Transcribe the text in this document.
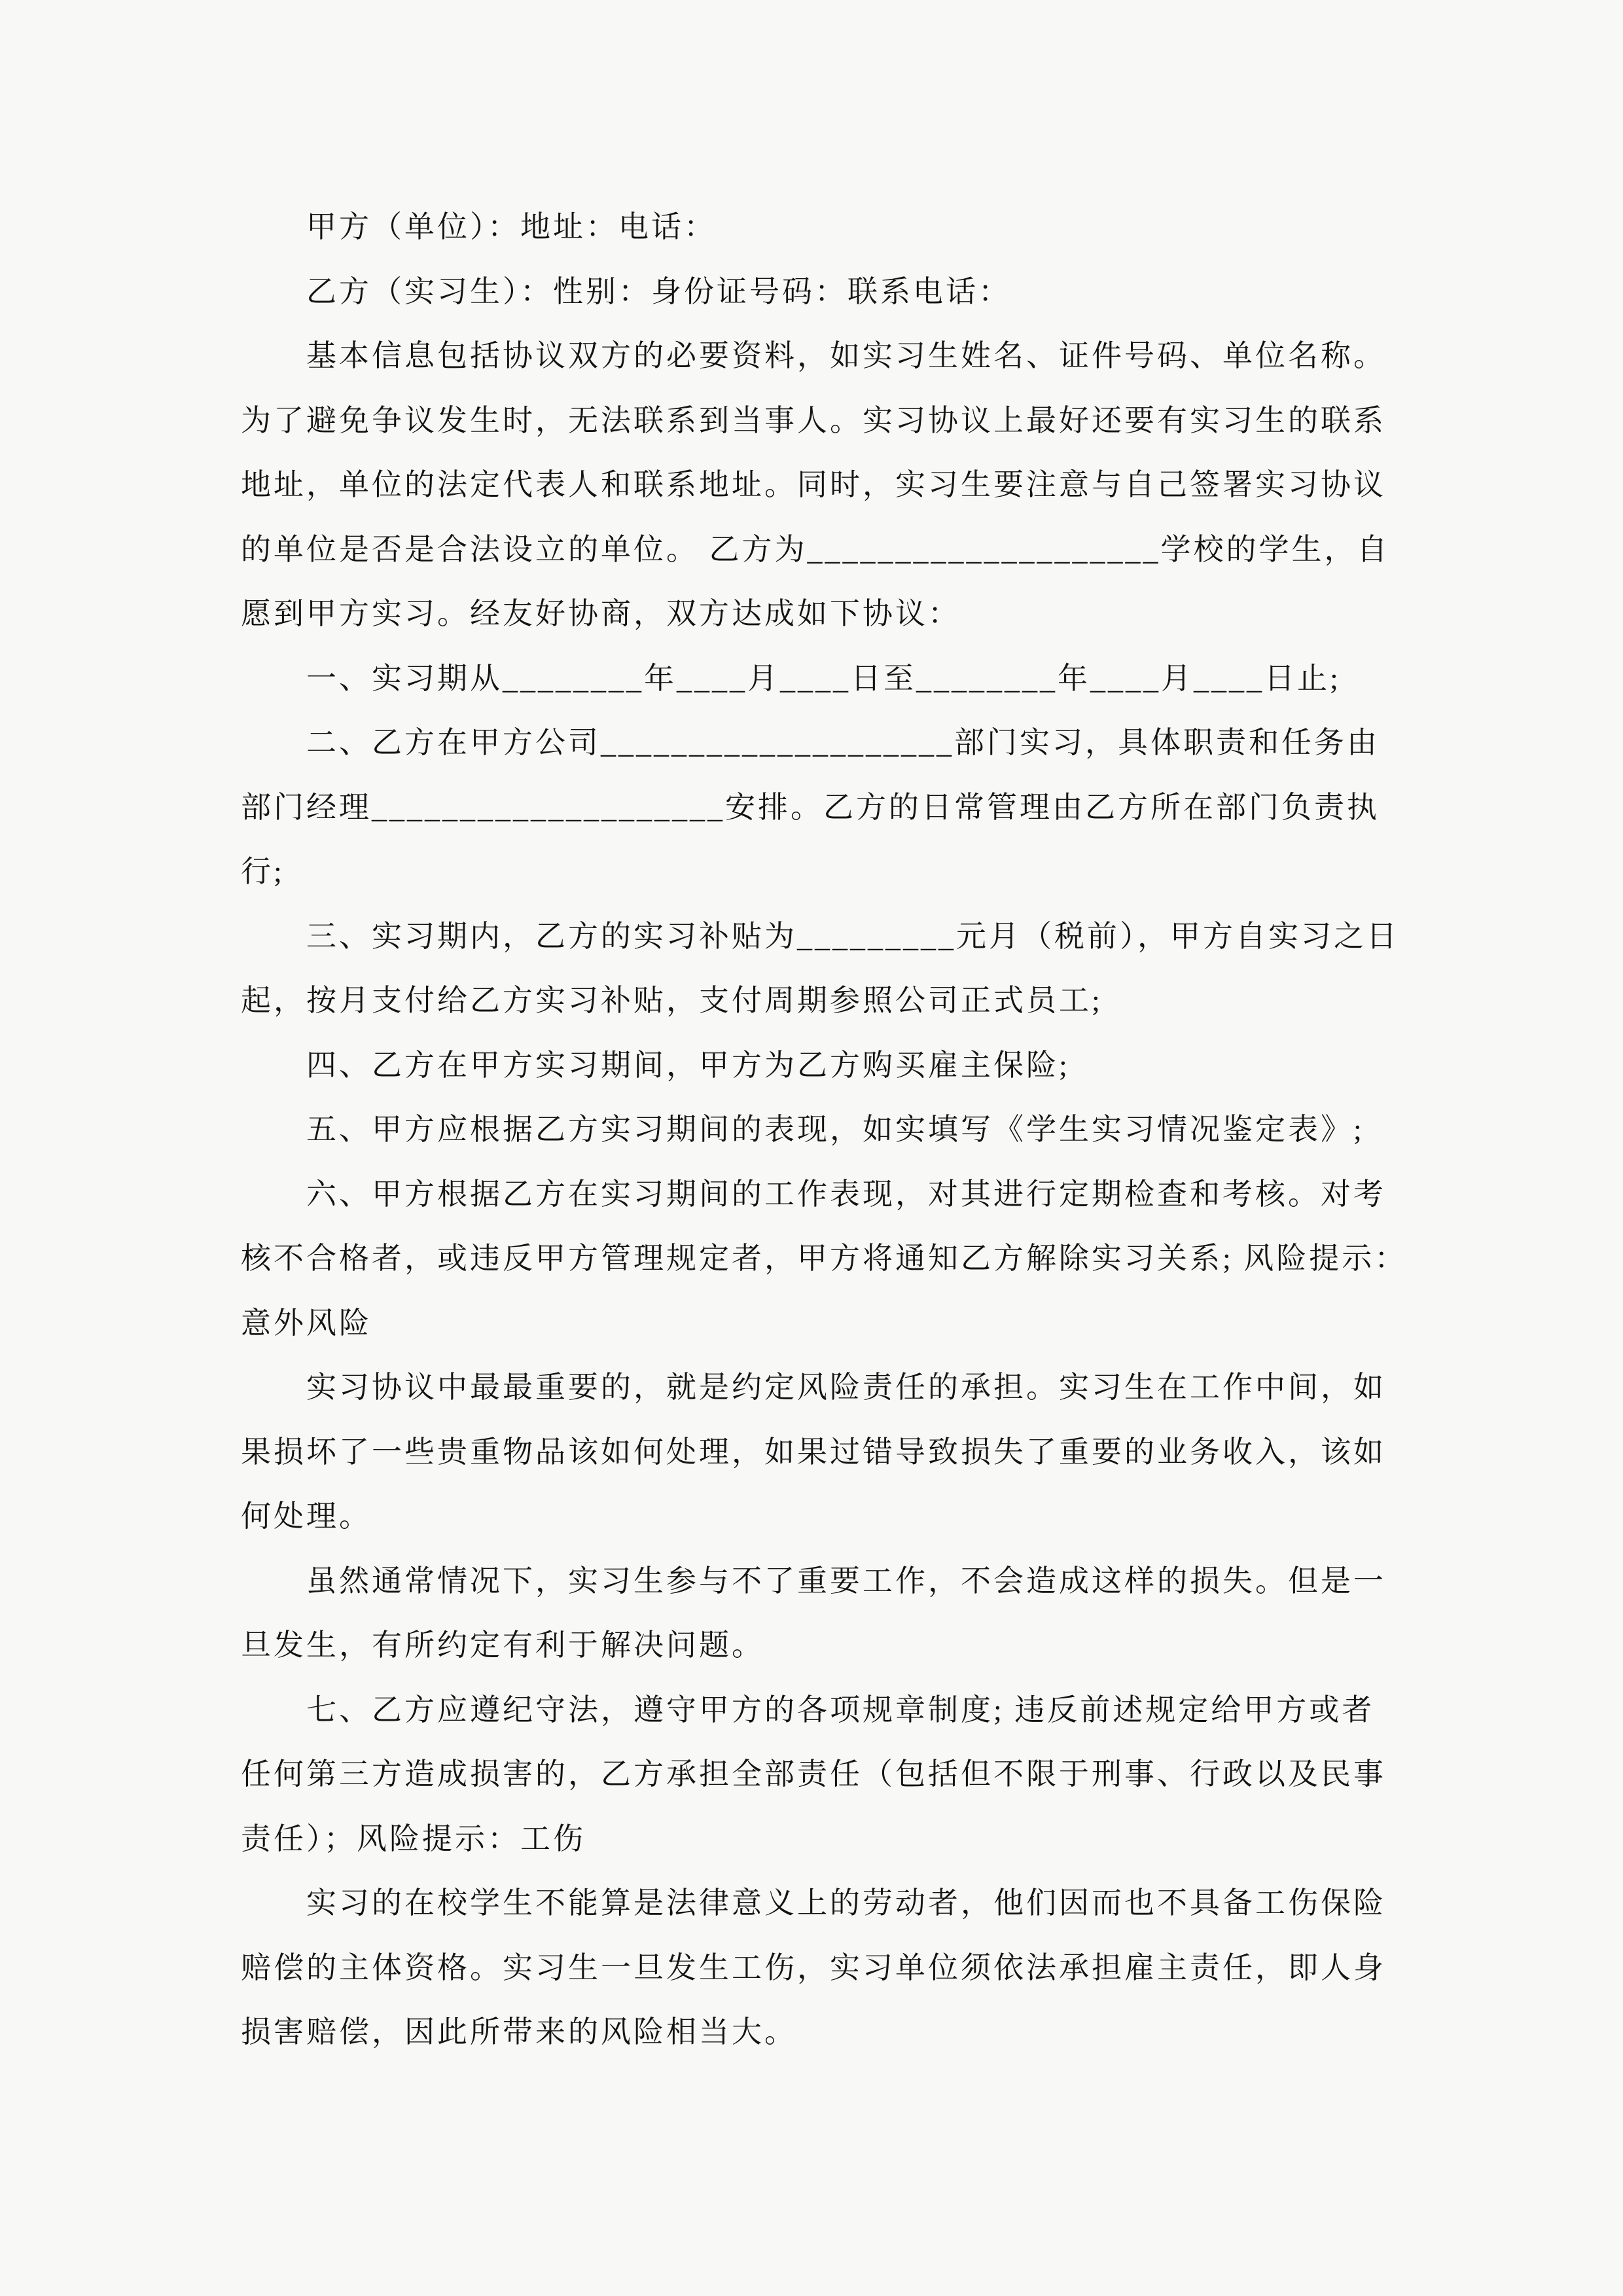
甲方（单位）：地址：电话：

乙方（实习生）：性别：身份证号码：联系电话：

基本信息包括协议双方的必要资料，如实习生姓名、证件号码、单位名称。

为了避免争议发生时，无法联系到当事人。实习协议上最好还要有实习生的联系

地址，单位的法定代表人和联系地址。同时，实习生要注意与自己签署实习协议

的单位是否是合法设立的单位。 乙方为____________________学校的学生，自

愿到甲方实习。经友好协商，双方达成如下协议：

一、实习期从________年____月____日至________年____月____日止;

二、乙方在甲方公司____________________部门实习，具体职责和任务由

部门经理____________________安排。乙方的日常管理由乙方所在部门负责执

行;

三、实习期内，乙方的实习补贴为_________元月（税前），甲方自实习之日

起，按月支付给乙方实习补贴，支付周期参照公司正式员工;

四、乙方在甲方实习期间，甲方为乙方购买雇主保险;

五、甲方应根据乙方实习期间的表现，如实填写《学生实习情况鉴定表》;

六、甲方根据乙方在实习期间的工作表现，对其进行定期检查和考核。对考

核不合格者，或违反甲方管理规定者，甲方将通知乙方解除实习关系; 风险提示：

意外风险

实习协议中最最重要的，就是约定风险责任的承担。实习生在工作中间，如

果损坏了一些贵重物品该如何处理，如果过错导致损失了重要的业务收入，该如

何处理。

虽然通常情况下，实习生参与不了重要工作，不会造成这样的损失。但是一

旦发生，有所约定有利于解决问题。

七、乙方应遵纪守法，遵守甲方的各项规章制度; 违反前述规定给甲方或者

任何第三方造成损害的，乙方承担全部责任（包括但不限于刑事、行政以及民事

责任）；风险提示：工伤

实习的在校学生不能算是法律意义上的劳动者，他们因而也不具备工伤保险

赔偿的主体资格。实习生一旦发生工伤，实习单位须依法承担雇主责任，即人身

损害赔偿，因此所带来的风险相当大。
